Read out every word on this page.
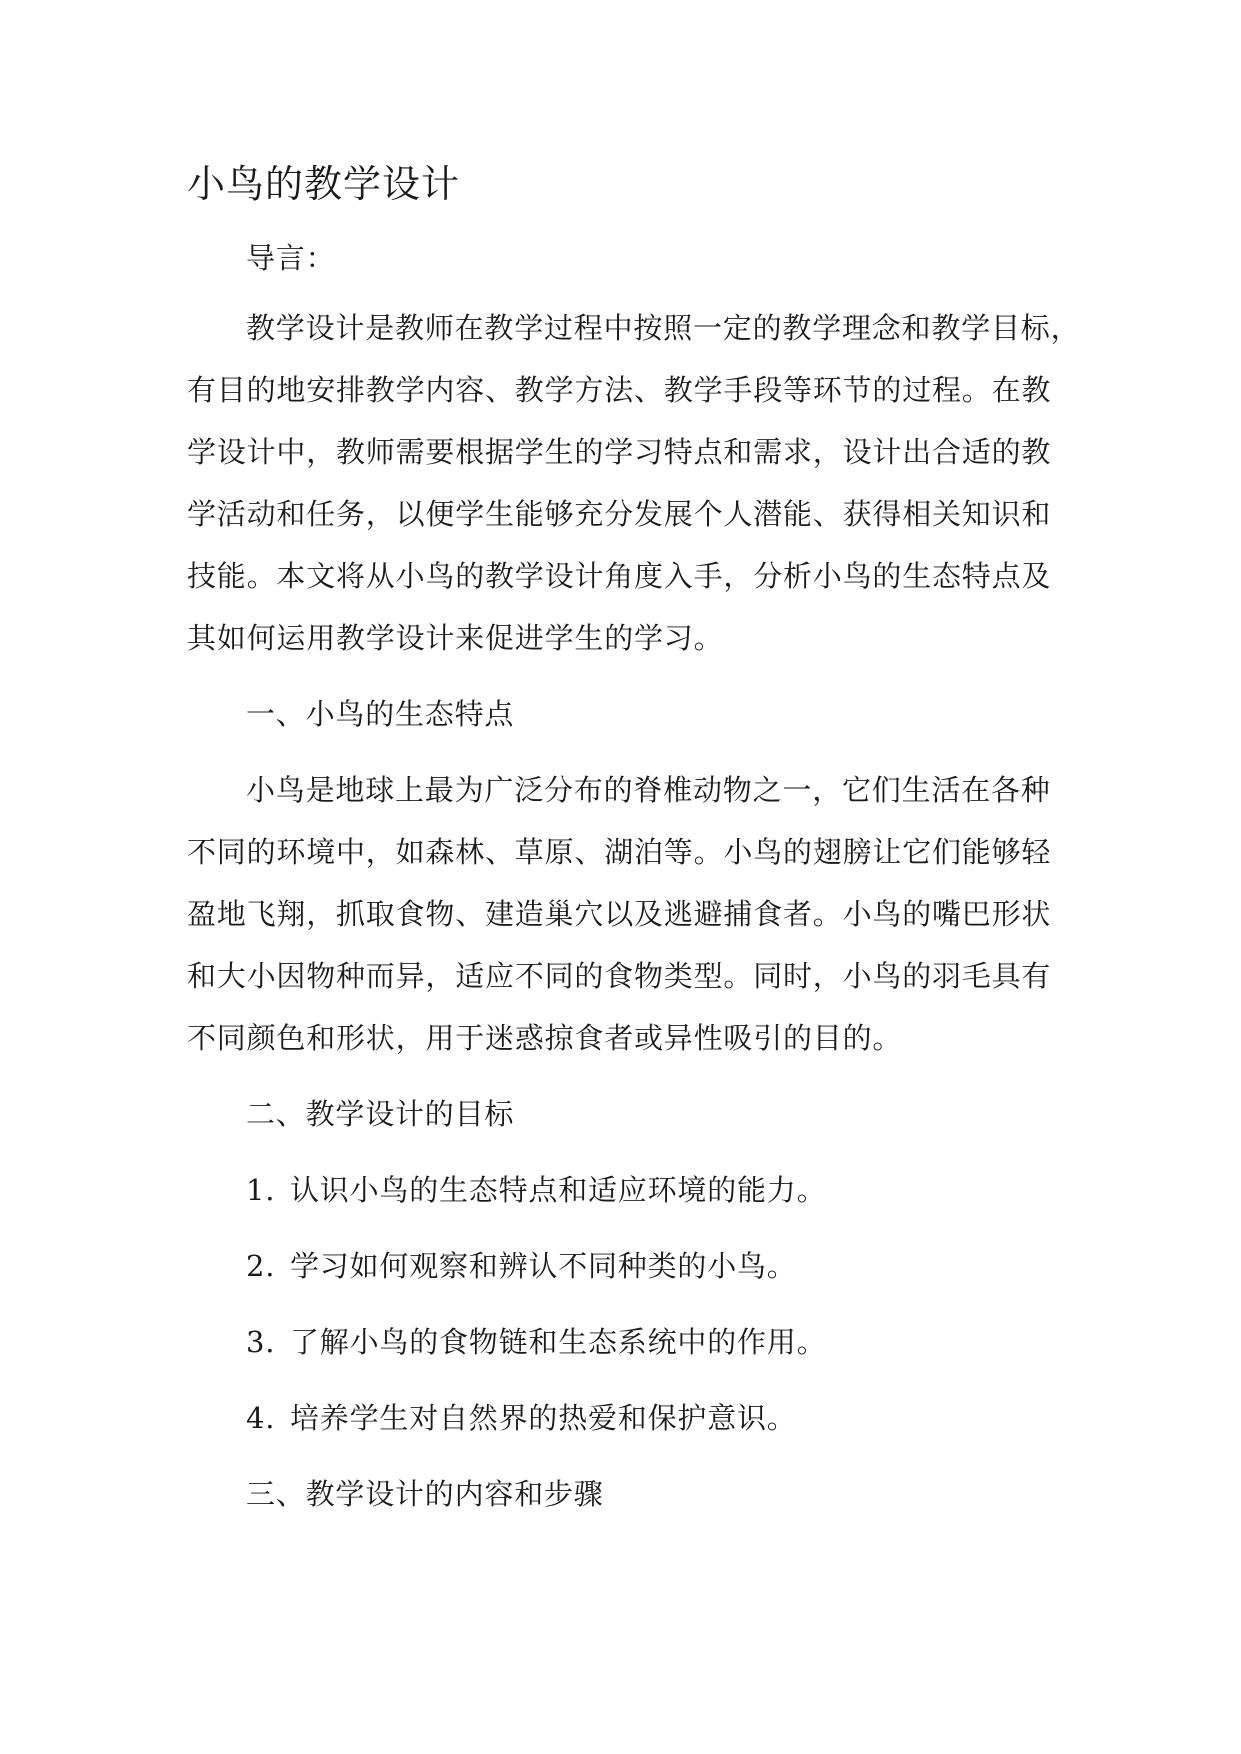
小鸟的教学设计
导言：
教学设计是教师在教学过程中按照一定的教学理念和教学目标，
有目的地安排教学内容、教学方法、教学手段等环节的过程。在教
学设计中，教师需要根据学生的学习特点和需求，设计出合适的教
学活动和任务，以便学生能够充分发展个人潜能、获得相关知识和
技能。本文将从小鸟的教学设计角度入手，分析小鸟的生态特点及
其如何运用教学设计来促进学生的学习。
一、小鸟的生态特点
小鸟是地球上最为广泛分布的脊椎动物之一，它们生活在各种
不同的环境中，如森林、草原、湖泊等。小鸟的翅膀让它们能够轻
盈地飞翔，抓取食物、建造巢穴以及逃避捕食者。小鸟的嘴巴形状
和大小因物种而异，适应不同的食物类型。同时，小鸟的羽毛具有
不同颜色和形状，用于迷惑掠食者或异性吸引的目的。
二、教学设计的目标
1. 认识小鸟的生态特点和适应环境的能力。
2. 学习如何观察和辨认不同种类的小鸟。
3. 了解小鸟的食物链和生态系统中的作用。
4. 培养学生对自然界的热爱和保护意识。
三、教学设计的内容和步骤
